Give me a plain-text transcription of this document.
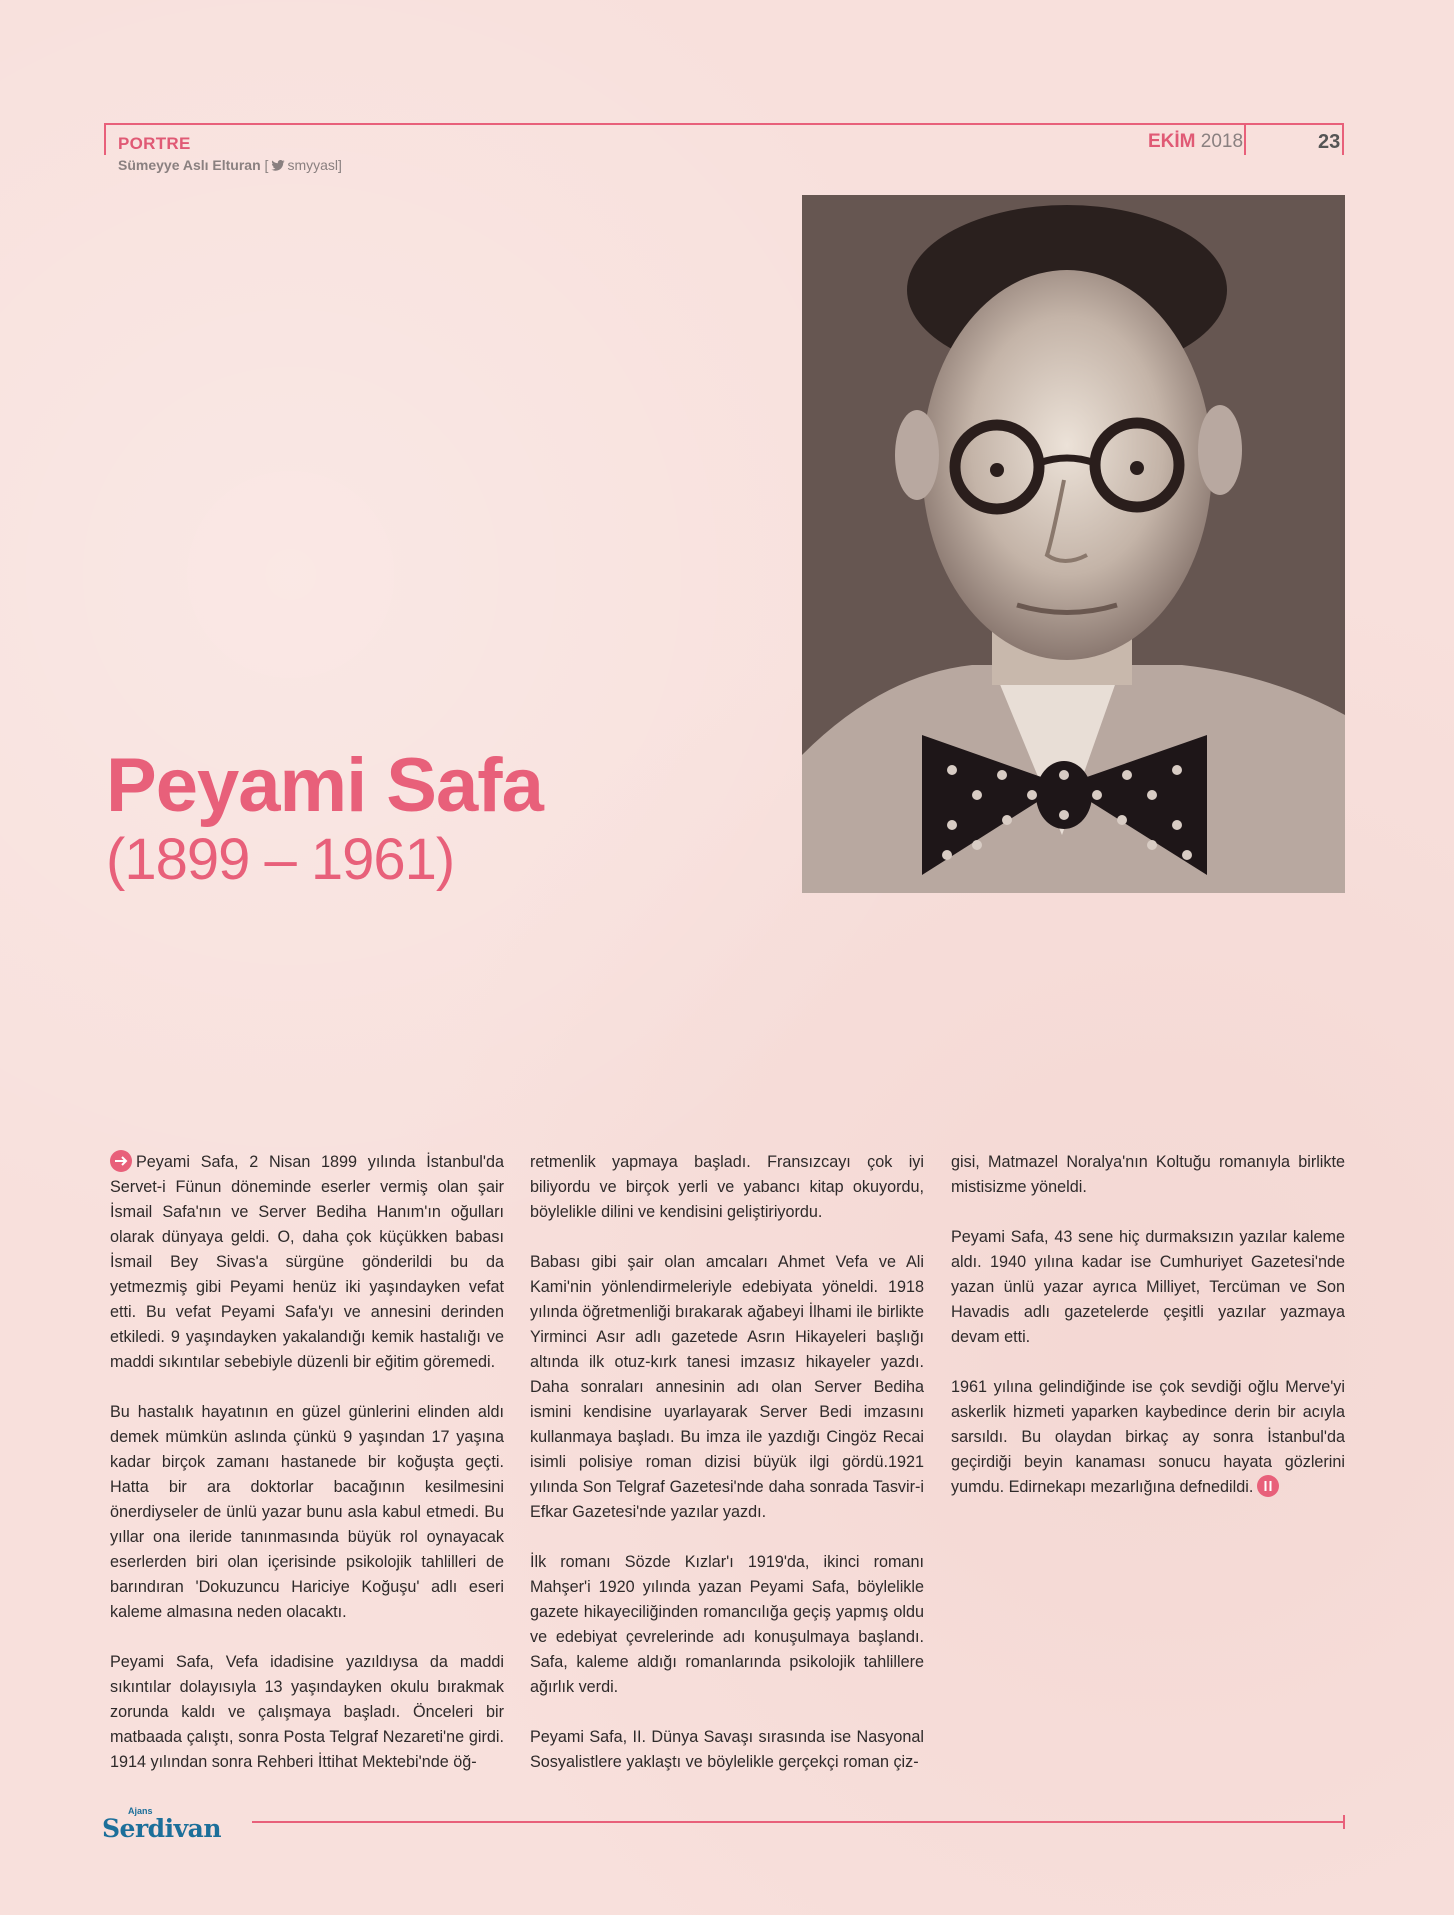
PORTRE
Sümeyye Aslı Elturan [ smyyasl]
EKİM 2018	23
Peyami Safa
(1899 – 1961)

Peyami Safa, 2 Nisan 1899 yılında İstanbul'da Servet-i Fünun döneminde eserler vermiş olan şair İsmail Safa'nın ve Server Bediha Hanım'ın oğulları olarak dünyaya geldi. O, daha çok küçükken babası İsmail Bey Sivas'a sürgüne gönderildi bu da yetmezmiş gibi Peyami henüz iki yaşındayken vefat etti. Bu vefat Peyami Safa'yı ve annesini derinden etkiledi. 9 yaşındayken yakalandığı kemik hastalığı ve maddi sıkıntılar sebebiyle düzenli bir eğitim göremedi.

Bu hastalık hayatının en güzel günlerini elinden aldı demek mümkün aslında çünkü 9 yaşından 17 yaşına kadar birçok zamanı hastanede bir koğuşta geçti. Hatta bir ara doktorlar bacağının kesilmesini önerdiyseler de ünlü yazar bunu asla kabul etmedi. Bu yıllar ona ileride tanınmasında büyük rol oynayacak eserlerden biri olan içerisinde psikolojik tahlilleri de barındıran 'Dokuzuncu Hariciye Koğuşu' adlı eseri kaleme almasına neden olacaktı.

Peyami Safa, Vefa idadisine yazıldıysa da maddi sıkıntılar dolayısıyla 13 yaşındayken okulu bırakmak zorunda kaldı ve çalışmaya başladı. Önceleri bir matbaada çalıştı, sonra Posta Telgraf Nezareti'ne girdi. 1914 yılından sonra Rehberi İttihat Mektebi'nde öğ-

retmenlik yapmaya başladı. Fransızcayı çok iyi biliyordu ve birçok yerli ve yabancı kitap okuyordu, böylelikle dilini ve kendisini geliştiriyordu.

Babası gibi şair olan amcaları Ahmet Vefa ve Ali Kami'nin yönlendirmeleriyle edebiyata yöneldi. 1918 yılında öğretmenliği bırakarak ağabeyi İlhami ile birlikte Yirminci Asır adlı gazetede Asrın Hikayeleri başlığı altında ilk otuz-kırk tanesi imzasız hikayeler yazdı. Daha sonraları annesinin adı olan Server Bediha ismini kendisine uyarlayarak Server Bedi imzasını kullanmaya başladı. Bu imza ile yazdığı Cingöz Recai isimli polisiye roman dizisi büyük ilgi gördü.1921 yılında Son Telgraf Gazetesi'nde daha sonrada Tasvir-i Efkar Gazetesi'nde yazılar yazdı.

İlk romanı Sözde Kızlar'ı 1919'da, ikinci romanı Mahşer'i 1920 yılında yazan Peyami Safa, böylelikle gazete hikayeciliğinden romancılığa geçiş yapmış oldu ve edebiyat çevrelerinde adı konuşulmaya başlandı. Safa, kaleme aldığı romanlarında psikolojik tahlillere ağırlık verdi.

Peyami Safa, II. Dünya Savaşı sırasında ise Nasyonal Sosyalistlere yaklaştı ve böylelikle gerçekçi roman çiz-

gisi, Matmazel Noralya'nın Koltuğu romanıyla birlikte mistisizme yöneldi.

Peyami Safa, 43 sene hiç durmaksızın yazılar kaleme aldı. 1940 yılına kadar ise Cumhuriyet Gazetesi'nde yazan ünlü yazar ayrıca Milliyet, Tercüman ve Son Havadis adlı gazetelerde çeşitli yazılar yazmaya devam etti.

1961 yılına gelindiğinde ise çok sevdiği oğlu Merve'yi askerlik hizmeti yaparken kaybedince derin bir acıyla sarsıldı. Bu olaydan birkaç ay sonra İstanbul'da geçirdiği beyin kanaması sonucu hayata gözlerini yumdu. Edirnekapı mezarlığına defnedildi.

Ajans
Serdivan
